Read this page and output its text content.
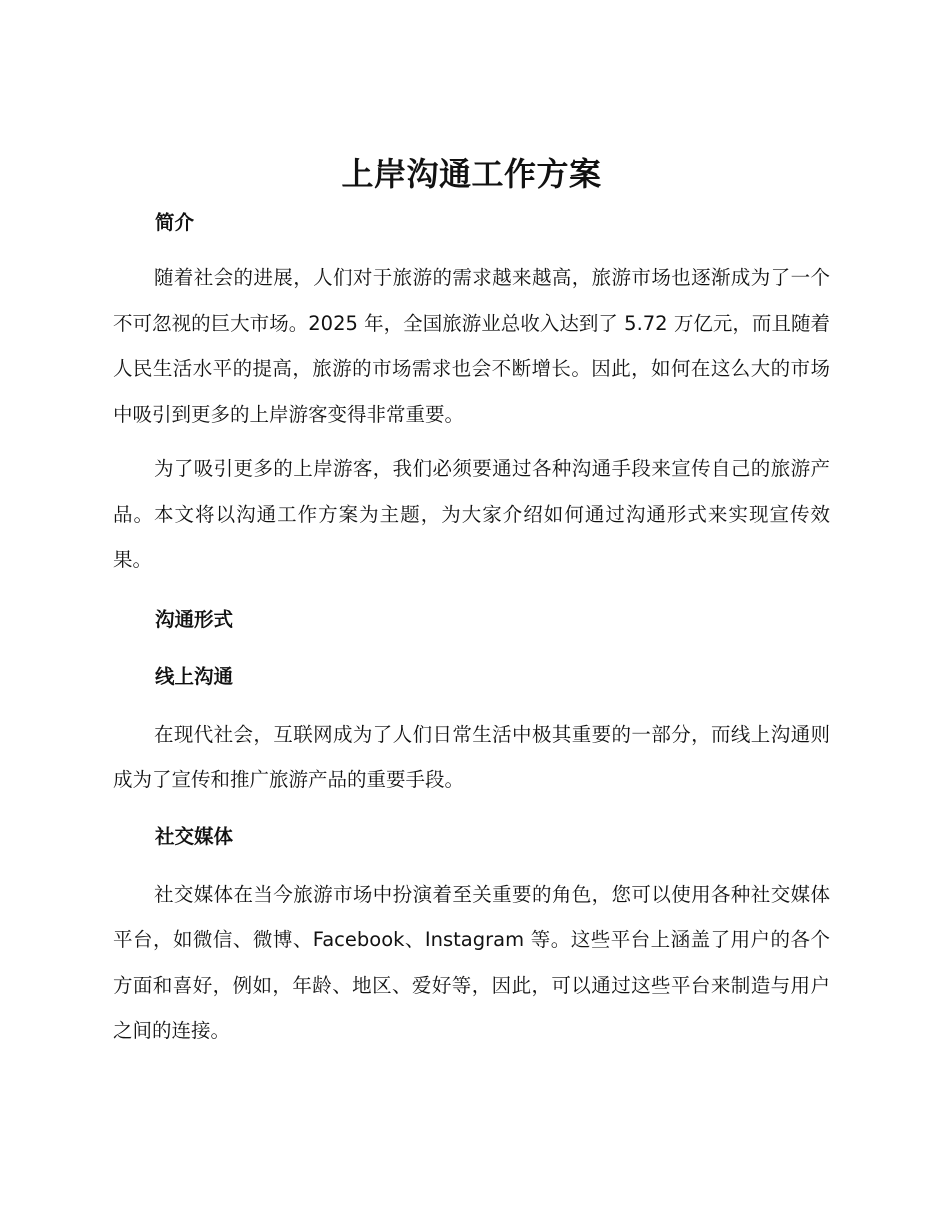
上岸沟通工作方案
简介

随着社会的进展，人们对于旅游的需求越来越高，旅游市场也逐渐成为了一个不可忽视的巨大市场。2025 年，全国旅游业总收入达到了 5.72 万亿元，而且随着人民生活水平的提高，旅游的市场需求也会不断增长。因此，如何在这么大的市场中吸引到更多的上岸游客变得非常重要。

为了吸引更多的上岸游客，我们必须要通过各种沟通手段来宣传自己的旅游产品。本文将以沟通工作方案为主题，为大家介绍如何通过沟通形式来实现宣传效果。

沟通形式
线上沟通

在现代社会，互联网成为了人们日常生活中极其重要的一部分，而线上沟通则成为了宣传和推广旅游产品的重要手段。

社交媒体

社交媒体在当今旅游市场中扮演着至关重要的角色，您可以使用各种社交媒体平台，如微信、微博、Facebook、Instagram 等。这些平台上涵盖了用户的各个方面和喜好，例如，年龄、地区、爱好等，因此，可以通过这些平台来制造与用户之间的连接。
